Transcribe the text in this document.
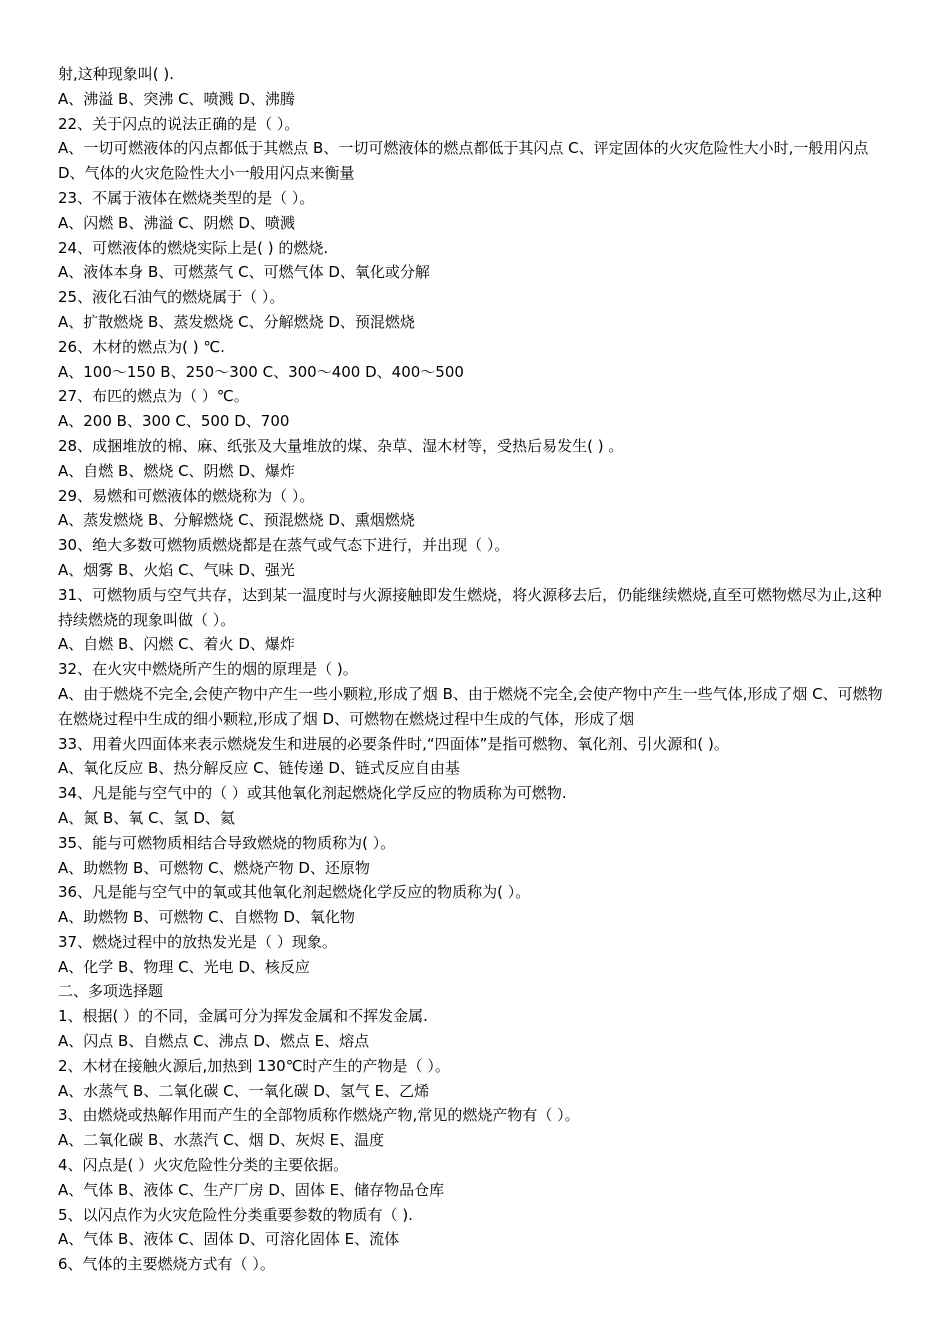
射,这种现象叫( ).
A、沸溢 B、突沸 C、喷溅 D、沸腾
22、关于闪点的说法正确的是（ ）。
A、一切可燃液体的闪点都低于其燃点 B、一切可燃液体的燃点都低于其闪点 C、评定固体的火灾危险性大小时,一般用闪点 D、气体的火灾危险性大小一般用闪点来衡量
23、不属于液体在燃烧类型的是（ ）。
A、闪燃 B、沸溢 C、阴燃 D、喷溅
24、可燃液体的燃烧实际上是( ) 的燃烧.
A、液体本身 B、可燃蒸气 C、可燃气体 D、氧化或分解
25、液化石油气的燃烧属于（ ）。
A、扩散燃烧 B、蒸发燃烧 C、分解燃烧 D、预混燃烧
26、木材的燃点为( ) ℃.
A、100～150 B、250～300 C、300～400 D、400～500
27、布匹的燃点为（ ）℃。
A、200 B、300 C、500 D、700
28、成捆堆放的棉、麻、纸张及大量堆放的煤、杂草、湿木材等，受热后易发生( ) 。
A、自燃 B、燃烧 C、阴燃 D、爆炸
29、易燃和可燃液体的燃烧称为（ ）。
A、蒸发燃烧 B、分解燃烧 C、预混燃烧 D、熏烟燃烧
30、绝大多数可燃物质燃烧都是在蒸气或气态下进行，并出现（ ）。
A、烟雾 B、火焰 C、气味 D、强光
31、可燃物质与空气共存，达到某一温度时与火源接触即发生燃烧，将火源移去后，仍能继续燃烧,直至可燃物燃尽为止,这种持续燃烧的现象叫做（ ）。
A、自燃 B、闪燃 C、着火 D、爆炸
32、在火灾中燃烧所产生的烟的原理是（ )。
A、由于燃烧不完全,会使产物中产生一些小颗粒,形成了烟 B、由于燃烧不完全,会使产物中产生一些气体,形成了烟 C、可燃物在燃烧过程中生成的细小颗粒,形成了烟 D、可燃物在燃烧过程中生成的气体，形成了烟
33、用着火四面体来表示燃烧发生和进展的必要条件时,“四面体”是指可燃物、氧化剂、引火源和( )。
A、氧化反应 B、热分解反应 C、链传递 D、链式反应自由基
34、凡是能与空气中的（ ）或其他氧化剂起燃烧化学反应的物质称为可燃物.
A、氮 B、氧 C、氢 D、氦
35、能与可燃物质相结合导致燃烧的物质称为( ）。
A、助燃物 B、可燃物 C、燃烧产物 D、还原物
36、凡是能与空气中的氧或其他氧化剂起燃烧化学反应的物质称为( ）。
A、助燃物 B、可燃物 C、自燃物 D、氧化物
37、燃烧过程中的放热发光是（ ）现象。
A、化学 B、物理 C、光电 D、核反应
二、多项选择题
1、根据( ）的不同，金属可分为挥发金属和不挥发金属.
A、闪点 B、自燃点 C、沸点 D、燃点 E、熔点
2、木材在接触火源后,加热到 130℃时产生的产物是（ ）。
A、水蒸气 B、二氧化碳 C、一氧化碳 D、氢气 E、乙烯
3、由燃烧或热解作用而产生的全部物质称作燃烧产物,常见的燃烧产物有（ ）。
A、二氧化碳 B、水蒸汽 C、烟 D、灰烬 E、温度
4、闪点是( ）火灾危险性分类的主要依据。
A、气体 B、液体 C、生产厂房 D、固体 E、储存物品仓库
5、以闪点作为火灾危险性分类重要参数的物质有（ ).
A、气体 B、液体 C、固体 D、可溶化固体 E、流体
6、气体的主要燃烧方式有（ ）。
